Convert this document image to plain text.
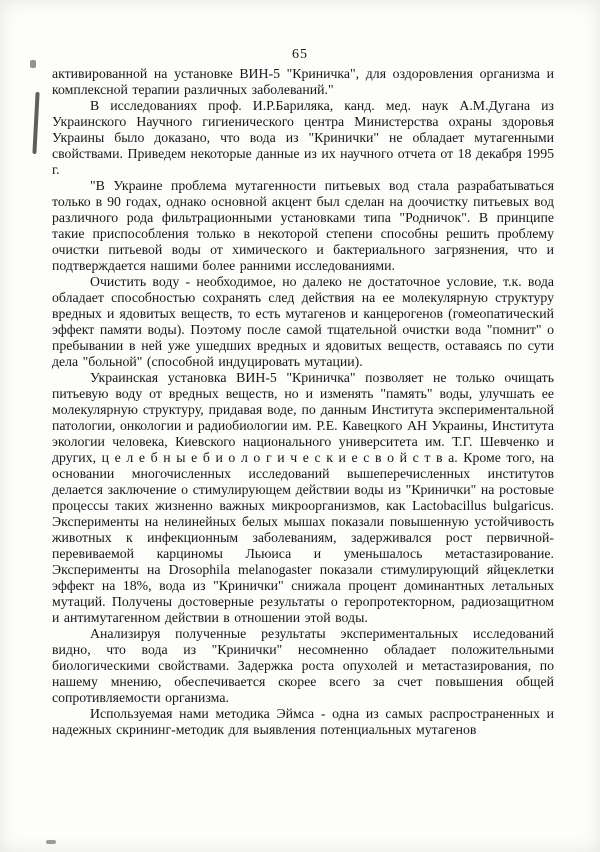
65

активированной на установке ВИН-5 "Криничка", для оздоровления организма и комплексной терапии различных заболеваний."

В исследованиях проф. И.Р.Бариляка, канд. мед. наук А.М.Дугана из Украинского Научного гигиенического центра Министерства охраны здоровья Украины было доказано, что вода из "Кринички" не обладает мутагенными свойствами. Приведем некоторые данные из их научного отчета от 18 декабря 1995 г.

"В Украине проблема мутагенности питьевых вод стала разрабатываться только в 90 годах, однако основной акцент был сделан на доочистку питьевых вод различного рода фильтрационными установками типа "Родничок". В принципе такие приспособления только в некоторой степени способны решить проблему очистки питьевой воды от химического и бактериального загрязнения, что и подтверждается нашими более ранними исследованиями.

Очистить воду - необходимое, но далеко не достаточное условие, т.к. вода обладает способностью сохранять след действия на ее молекулярную структуру вредных и ядовитых веществ, то есть мутагенов и канцерогенов (гомеопатический эффект памяти воды). Поэтому после самой тщательной очистки вода "помнит" о пребывании в ней уже ушедших вредных и ядовитых веществ, оставаясь по сути дела "больной" (способной индуцировать мутации).

Украинская установка ВИН-5 "Криничка" позволяет не только очищать питьевую воду от вредных веществ, но и изменять "память" воды, улучшать ее молекулярную структуру, придавая воде, по данным Института экспериментальной патологии, онкологии и радиобиологии им. Р.Е. Кавецкого АН Украины, Института экологии человека, Киевского национального университета им. Т.Г. Шевченко и других, ц е л е б н ы е б и о л о г и ч е с к и е с в о й с т в а. Кроме того, на основании многочисленных исследований вышеперечисленных институтов делается заключение о стимулирующем действии воды из "Кринички" на ростовые процессы таких жизненно важных микроорганизмов, как Lactobacillus bulgaricus. Эксперименты на нелинейных белых мышах показали повышенную устойчивость животных к инфекционным заболеваниям, задерживался рост первичной- перевиваемой карциномы Льюиса и уменьшалось метастазирование. Эксперименты на Drosophila melanogaster показали стимулирующий яйцеклетки эффект на 18%, вода из "Кринички" снижала процент доминантных летальных мутаций. Получены достоверные результаты о геропротекторном, радиозащитном и антимутагенном действии в отношении этой воды.

Анализируя полученные результаты экспериментальных исследований видно, что вода из "Кринички" несомненно обладает положительными биологическими свойствами. Задержка роста опухолей и метастазирования, по нашему мнению, обеспечивается скорее всего за счет повышения общей сопротивляемости организма.

Используемая нами методика Эймса - одна из самых распространенных и надежных скрининг-методик для выявления потенциальных мутагенов
